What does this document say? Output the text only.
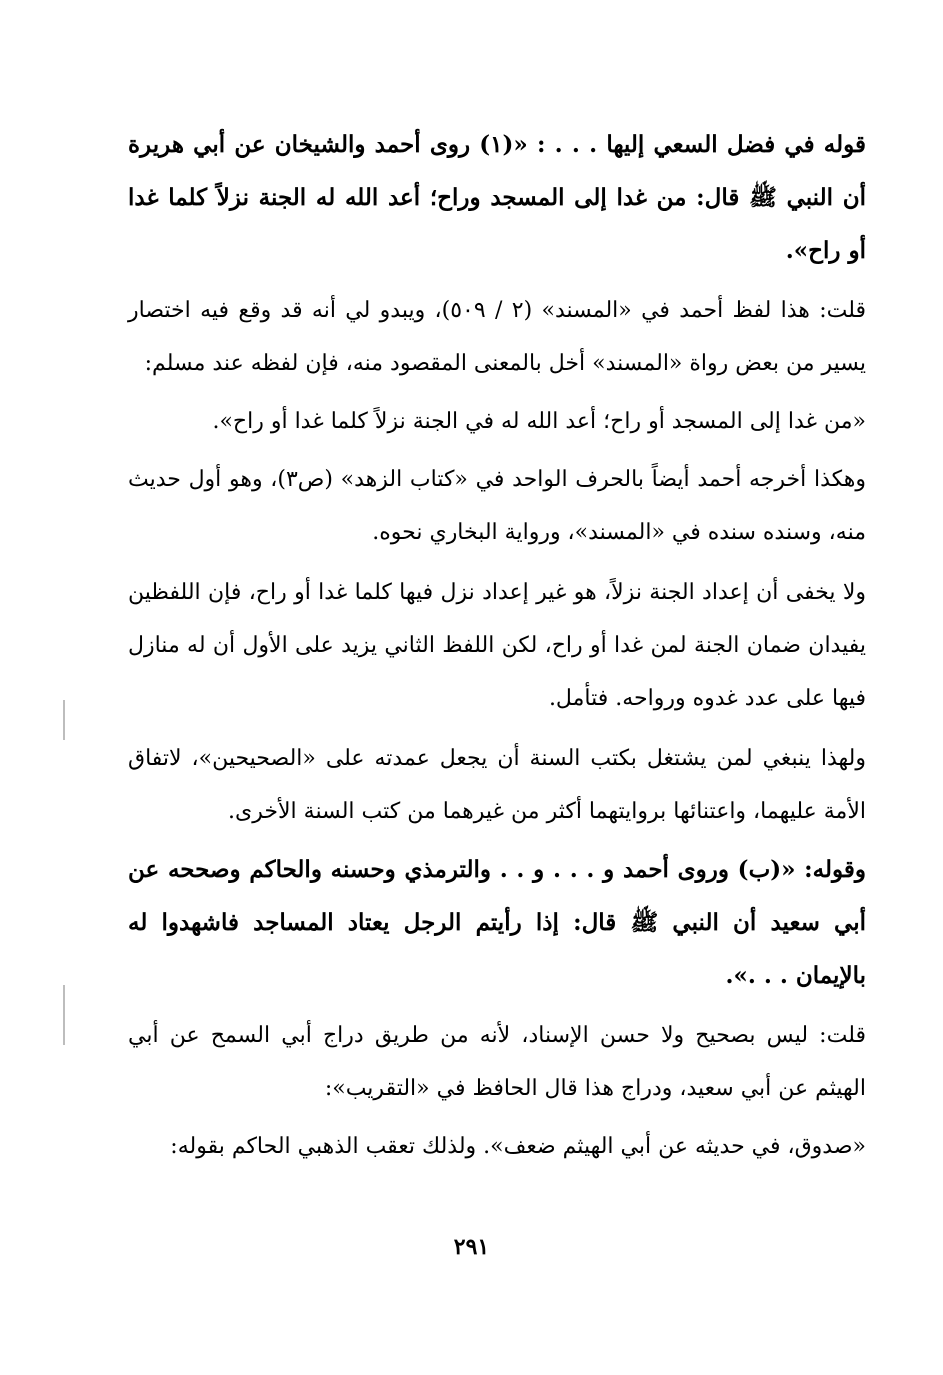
قوله في فضل السعي إليها . . . : «(١) روى أحمد والشيخان عن أبي هريرة أن النبي ﷺ قال: من غدا إلى المسجد وراح؛ أعد الله له الجنة نزلاً كلما غدا أو راح».

قلت: هذا لفظ أحمد في «المسند» (٢ / ٥٠٩)، ويبدو لي أنه قد وقع فيه اختصار يسير من بعض رواة «المسند» أخل بالمعنى المقصود منه، فإن لفظه عند مسلم:

«من غدا إلى المسجد أو راح؛ أعد الله له في الجنة نزلاً كلما غدا أو راح».

وهكذا أخرجه أحمد أيضاً بالحرف الواحد في «كتاب الزهد» (ص٣)، وهو أول حديث منه، وسنده سنده في «المسند»، ورواية البخاري نحوه.

ولا يخفى أن إعداد الجنة نزلاً، هو غير إعداد نزل فيها كلما غدا أو راح، فإن اللفظين يفيدان ضمان الجنة لمن غدا أو راح، لكن اللفظ الثاني يزيد على الأول أن له منازل فيها على عدد غدوه ورواحه. فتأمل.

ولهذا ينبغي لمن يشتغل بكتب السنة أن يجعل عمدته على «الصحيحين»، لاتفاق الأمة عليهما، واعتنائها بروايتهما أكثر من غيرهما من كتب السنة الأخرى.

وقوله: «(ب) وروى أحمد و . . . و . . والترمذي وحسنه والحاكم وصححه عن أبي سعيد أن النبي ﷺ قال: إذا رأيتم الرجل يعتاد المساجد فاشهدوا له بالإيمان . . .».

قلت: ليس بصحيح ولا حسن الإسناد، لأنه من طريق دراج أبي السمح عن أبي الهيثم عن أبي سعيد، ودراج هذا قال الحافظ في «التقريب»:

«صدوق، في حديثه عن أبي الهيثم ضعف». ولذلك تعقب الذهبي الحاكم بقوله:

٢٩١
